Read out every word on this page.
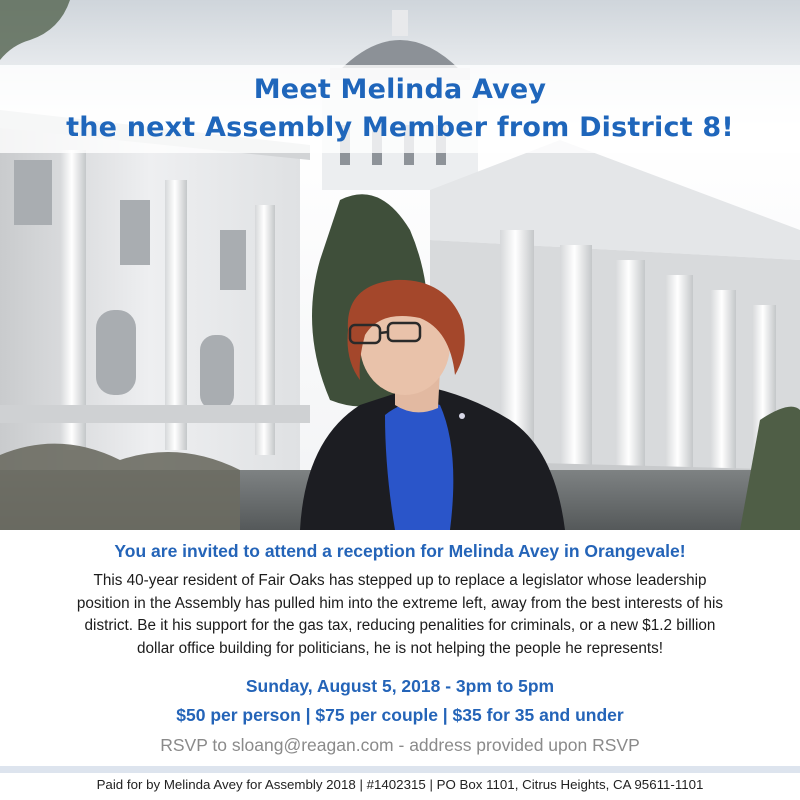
Meet Melinda Avey
the next Assembly Member from District 8!
You are invited to attend a reception for Melinda Avey in Orangevale!
This 40-year resident of Fair Oaks has stepped up to replace a legislator whose leadership
position in the Assembly has pulled him into the extreme left, away from the best interests of his
district. Be it his support for the gas tax, reducing penalities for criminals, or a new $1.2 billion
dollar office building for politicians, he is not helping the people he represents!
Sunday, August 5, 2018 - 3pm to 5pm
$50 per person | $75 per couple | $35 for 35 and under
RSVP to sloang@reagan.com - address provided upon RSVP
Paid for by Melinda Avey for Assembly 2018 | #1402315 | PO Box 1101, Citrus Heights, CA 95611-1101
